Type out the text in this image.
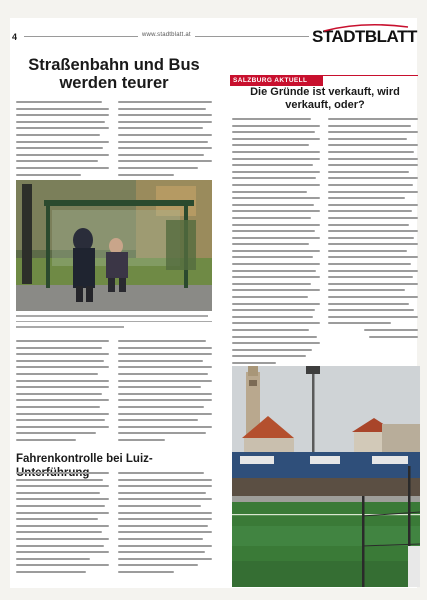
4	www.stadtblatt.at	STADTBLATT
Straßenbahn und Bus werden teurer
Fahrenkontrolle bei Luiz-
SALZBURG AKTUELL
Die Gründe ist verkauft, wird verkauft, oder?
